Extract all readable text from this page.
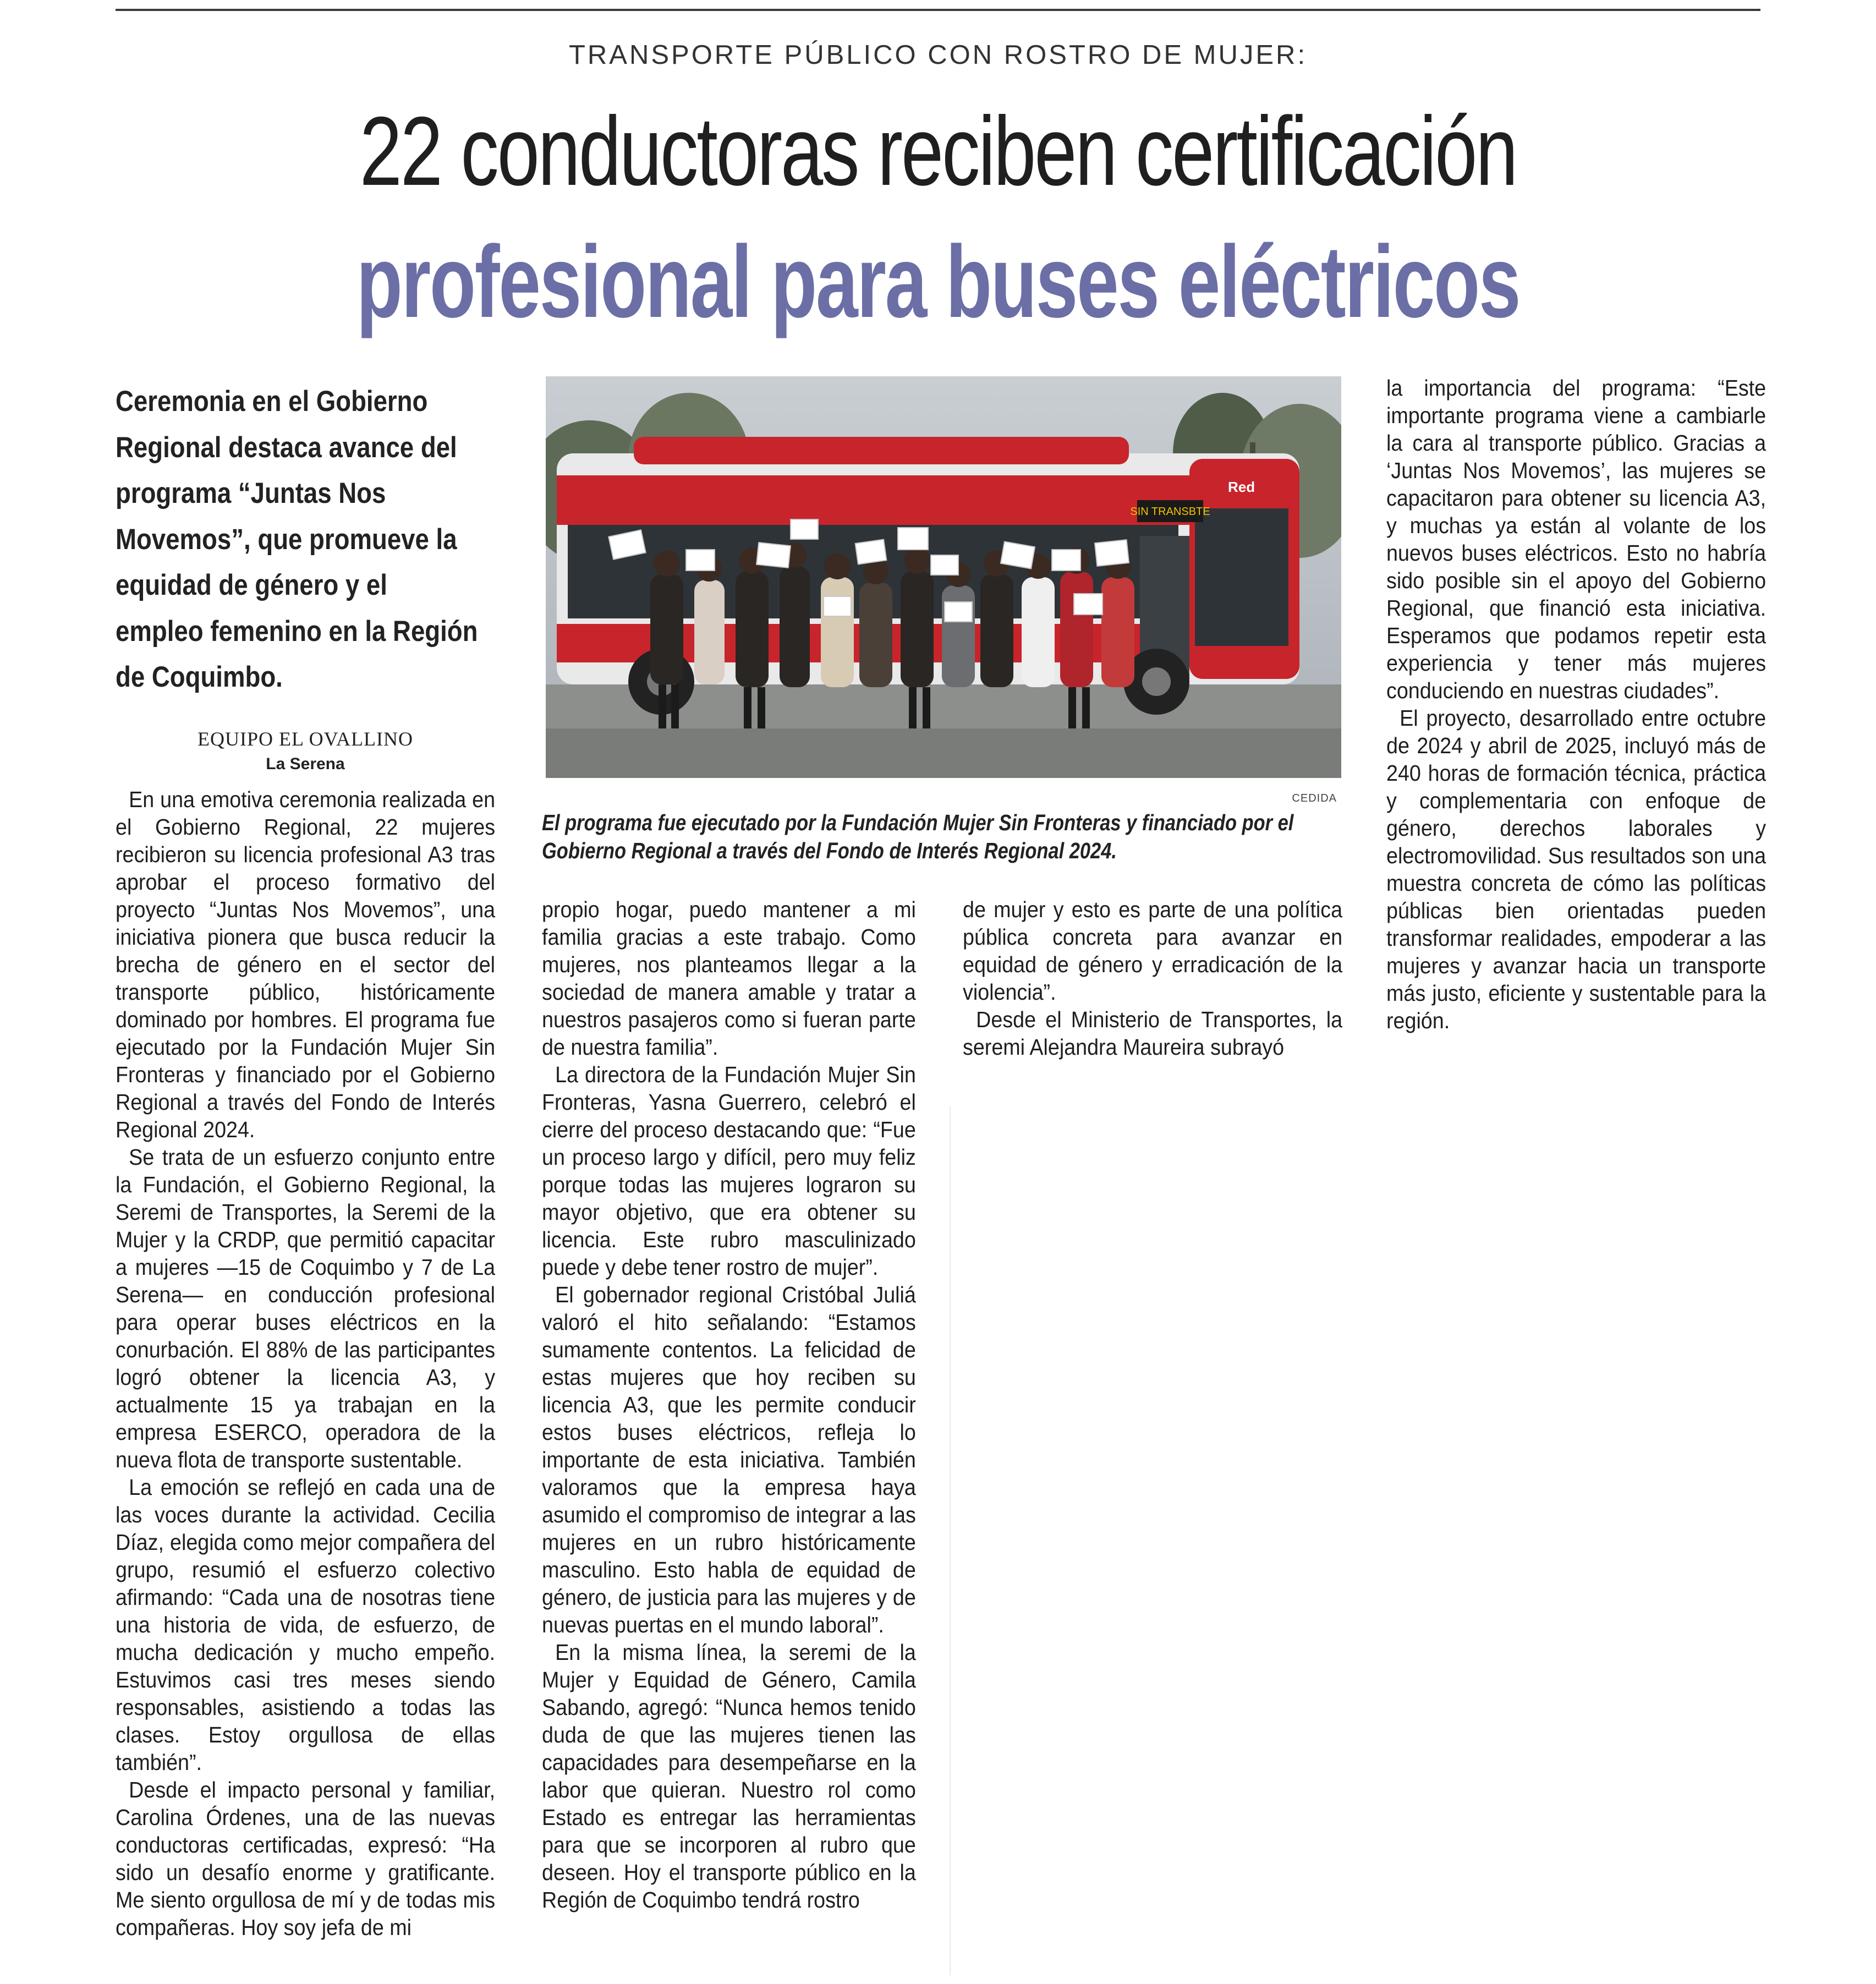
TRANSPORTE PÚBLICO CON ROSTRO DE MUJER:
22 conductoras reciben certificación
profesional para buses eléctricos
Ceremonia en el Gobierno Regional destaca avance del programa “Juntas Nos Movemos”, que promueve la equidad de género y el empleo femenino en la Región de Coquimbo.
EQUIPO EL OVALLINO
La Serena
SIN TRANSBTE
Red
CEDIDA
El programa fue ejecutado por la Fundación Mujer Sin Fronteras y financiado por el Gobierno Regional a través del Fondo de Interés Regional 2024.

En una emotiva ceremonia realizada en el Gobierno Regional, 22 mujeres recibieron su licencia profesional A3 tras aprobar el proceso formativo del proyecto “Juntas Nos Movemos”, una iniciativa pionera que busca reducir la brecha de género en el sector del transporte público, históricamente dominado por hombres. El programa fue ejecutado por la Fundación Mujer Sin Fronteras y financiado por el Gobierno Regional a través del Fondo de Interés Regional 2024.

Se trata de un esfuerzo conjunto entre la Fundación, el Gobierno Regional, la Seremi de Transportes, la Seremi de la Mujer y la CRDP, que permitió capacitar a mujeres —15 de Coquimbo y 7 de La Serena— en conducción profesional para operar buses eléctricos en la conurbación. El 88% de las participantes logró obtener la licencia A3, y actualmente 15 ya trabajan en la empresa ESERCO, operadora de la nueva flota de transporte sustentable.

La emoción se reflejó en cada una de las voces durante la actividad. Cecilia Díaz, elegida como mejor compañera del grupo, resumió el esfuerzo colectivo afirmando: “Cada una de nosotras tiene una historia de vida, de esfuerzo, de mucha dedicación y mucho empeño. Estuvimos casi tres meses siendo responsables, asistiendo a todas las clases. Estoy orgullosa de ellas también”.

Desde el impacto personal y familiar, Carolina Órdenes, una de las nuevas conductoras certificadas, expresó: “Ha sido un desafío enorme y gratificante. Me siento orgullosa de mí y de todas mis compañeras. Hoy soy jefa de mi

propio hogar, puedo mantener a mi familia gracias a este trabajo. Como mujeres, nos planteamos llegar a la sociedad de manera amable y tratar a nuestros pasajeros como si fueran parte de nuestra familia”.

La directora de la Fundación Mujer Sin Fronteras, Yasna Guerrero, celebró el cierre del proceso destacando que: “Fue un proceso largo y difícil, pero muy feliz porque todas las mujeres lograron su mayor objetivo, que era obtener su licencia. Este rubro masculinizado puede y debe tener rostro de mujer”.

El gobernador regional Cristóbal Juliá valoró el hito señalando: “Estamos sumamente contentos. La felicidad de estas mujeres que hoy reciben su licencia A3, que les permite conducir estos buses eléctricos, refleja lo importante de esta iniciativa. También valoramos que la empresa haya asumido el compromiso de integrar a las mujeres en un rubro históricamente masculino. Esto habla de equidad de género, de justicia para las mujeres y de nuevas puertas en el mundo laboral”.

En la misma línea, la seremi de la Mujer y Equidad de Género, Camila Sabando, agregó: “Nunca hemos tenido duda de que las mujeres tienen las capacidades para desempeñarse en la labor que quieran. Nuestro rol como Estado es entregar las herramientas para que se incorporen al rubro que deseen. Hoy el transporte público en la Región de Coquimbo tendrá rostro

de mujer y esto es parte de una política pública concreta para avanzar en equidad de género y erradicación de la violencia”.

Desde el Ministerio de Transportes, la seremi Alejandra Maureira subrayó

la importancia del programa: “Este importante programa viene a cambiarle la cara al transporte público. Gracias a ‘Juntas Nos Movemos’, las mujeres se capacitaron para obtener su licencia A3, y muchas ya están al volante de los nuevos buses eléctricos. Esto no habría sido posible sin el apoyo del Gobierno Regional, que financió esta iniciativa. Esperamos que podamos repetir esta experiencia y tener más mujeres conduciendo en nuestras ciudades”.

El proyecto, desarrollado entre octubre de 2024 y abril de 2025, incluyó más de 240 horas de formación técnica, práctica y complementaria con enfoque de género, derechos laborales y electromovilidad. Sus resultados son una muestra concreta de cómo las políticas públicas bien orientadas pueden transformar realidades, empoderar a las mujeres y avanzar hacia un transporte más justo, eficiente y sustentable para la región.
